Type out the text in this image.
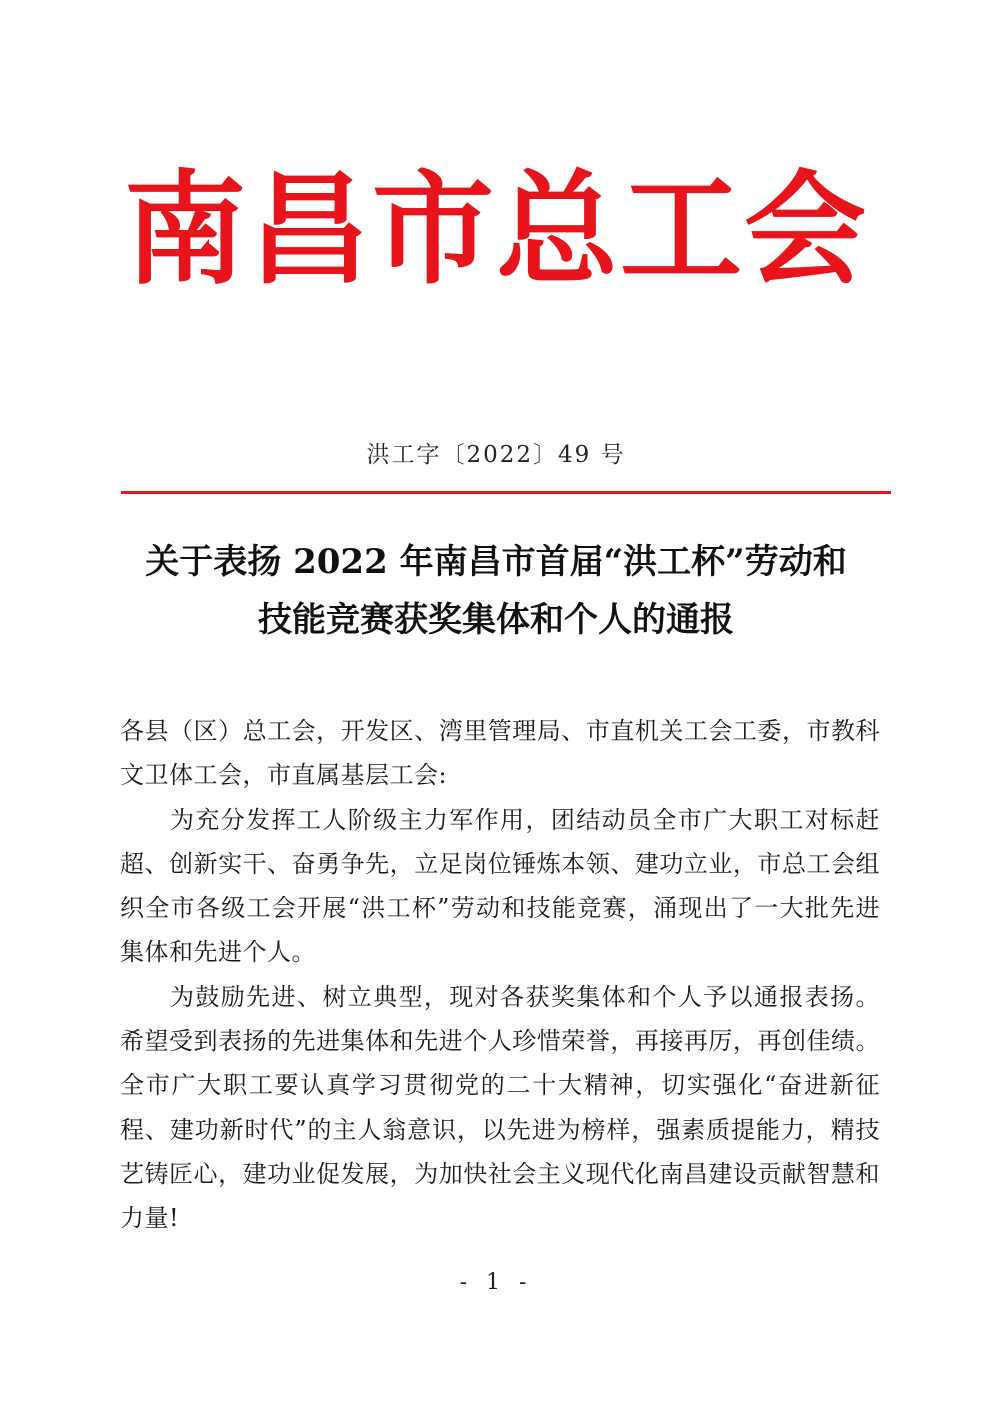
南昌市总工会
洪工字〔2022〕49 号
关于表扬 2022 年南昌市首届“洪工杯”劳动和
技能竞赛获奖集体和个人的通报

各县（区）总工会，开发区、湾里管理局、市直机关工会工委，市教科文卫体工会，市直属基层工会:

为充分发挥工人阶级主力军作用，团结动员全市广大职工对标赶超、创新实干、奋勇争先，立足岗位锤炼本领、建功立业，市总工会组织全市各级工会开展“洪工杯”劳动和技能竞赛，涌现出了一大批先进集体和先进个人。

为鼓励先进、树立典型，现对各获奖集体和个人予以通报表扬。希望受到表扬的先进集体和先进个人珍惜荣誉，再接再厉，再创佳绩。全市广大职工要认真学习贯彻党的二十大精神，切实强化“奋进新征程、建功新时代”的主人翁意识，以先进为榜样，强素质提能力，精技艺铸匠心，建功业促发展，为加快社会主义现代化南昌建设贡献智慧和力量!

- 1 -
